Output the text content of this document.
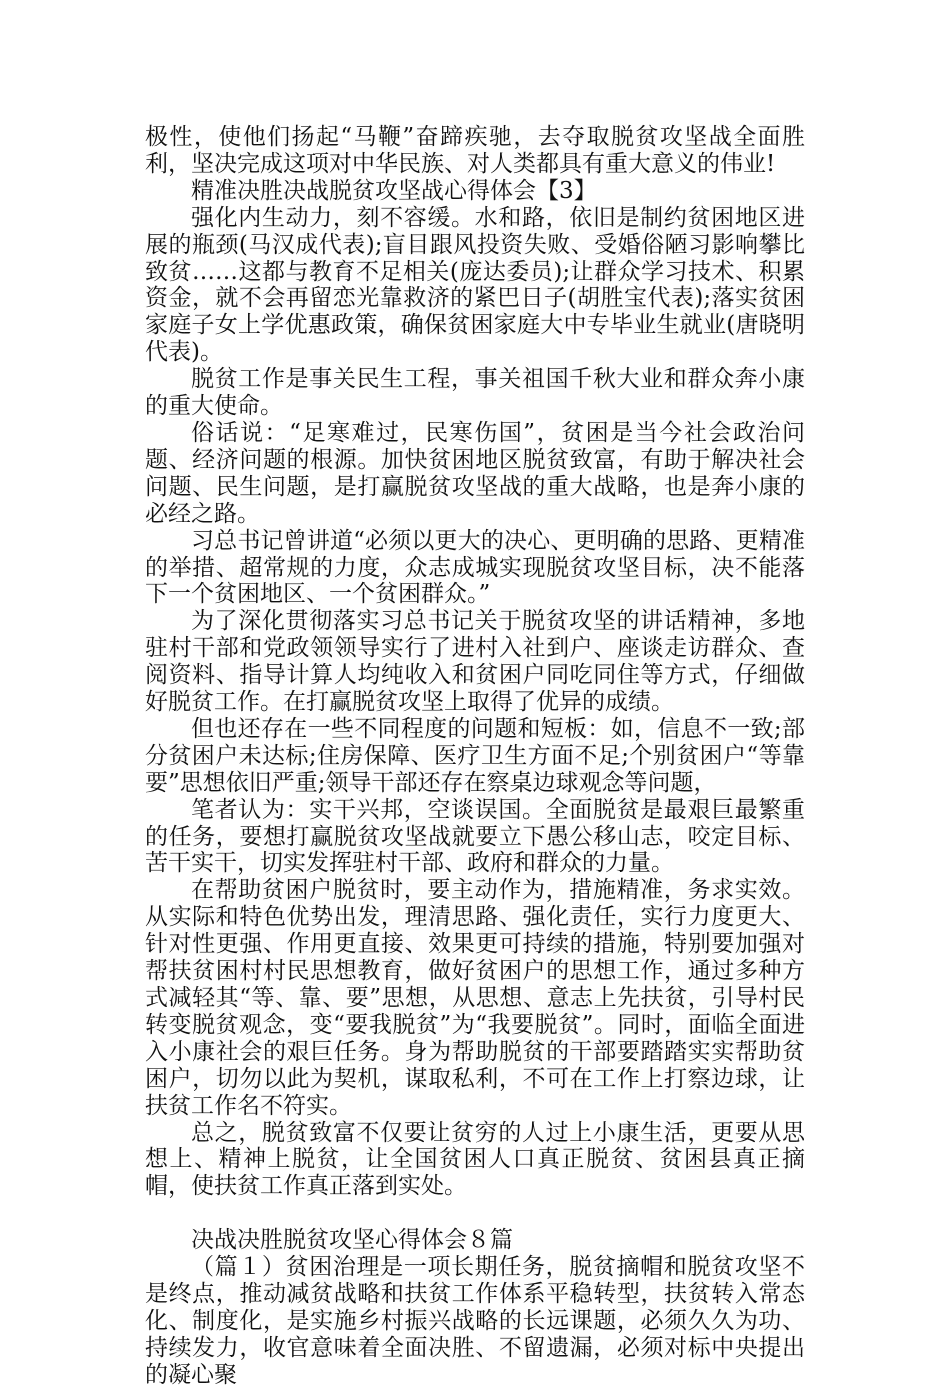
极性，使他们扬起“马鞭”奋蹄疾驰，去夺取脱贫攻坚战全面胜利，坚决完成这项对中华民族、对人类都具有重大意义的伟业!

精准决胜决战脱贫攻坚战心得体会【3】

强化内生动力，刻不容缓。水和路，依旧是制约贫困地区进展的瓶颈(马汉成代表);盲目跟风投资失败、受婚俗陋习影响攀比致贫……这都与教育不足相关(庞达委员);让群众学习技术、积累资金，就不会再留恋光靠救济的紧巴日子(胡胜宝代表);落实贫困家庭子女上学优惠政策，确保贫困家庭大中专毕业生就业(唐晓明代表)。

脱贫工作是事关民生工程，事关祖国千秋大业和群众奔小康的重大使命。

俗话说：“足寒难过，民寒伤国”，贫困是当今社会政治问题、经济问题的根源。加快贫困地区脱贫致富，有助于解决社会问题、民生问题，是打赢脱贫攻坚战的重大战略，也是奔小康的必经之路。

习总书记曾讲道“必须以更大的决心、更明确的思路、更精准的举措、超常规的力度，众志成城实现脱贫攻坚目标，决不能落下一个贫困地区、一个贫困群众。”

为了深化贯彻落实习总书记关于脱贫攻坚的讲话精神，多地驻村干部和党政领领导实行了进村入社到户、座谈走访群众、查阅资料、指导计算人均纯收入和贫困户同吃同住等方式，仔细做好脱贫工作。在打赢脱贫攻坚上取得了优异的成绩。

但也还存在一些不同程度的问题和短板：如，信息不一致;部分贫困户未达标;住房保障、医疗卫生方面不足;个别贫困户“等靠要”思想依旧严重;领导干部还存在察桌边球观念等问题，

笔者认为：实干兴邦，空谈误国。全面脱贫是最艰巨最繁重的任务，要想打赢脱贫攻坚战就要立下愚公移山志，咬定目标、苦干实干，切实发挥驻村干部、政府和群众的力量。

在帮助贫困户脱贫时，要主动作为，措施精准，务求实效。从实际和特色优势出发，理清思路、强化责任，实行力度更大、针对性更强、作用更直接、效果更可持续的措施，特别要加强对帮扶贫困村村民思想教育，做好贫困户的思想工作，通过多种方式减轻其“等、靠、要”思想，从思想、意志上先扶贫，引导村民转变脱贫观念，变“要我脱贫”为“我要脱贫”。同时，面临全面进入小康社会的艰巨任务。身为帮助脱贫的干部要踏踏实实帮助贫困户，切勿以此为契机，谋取私利，不可在工作上打察边球，让扶贫工作名不符实。

总之，脱贫致富不仅要让贫穷的人过上小康生活，更要从思想上、精神上脱贫，让全国贫困人口真正脱贫、贫困县真正摘帽，使扶贫工作真正落到实处。

决战决胜脱贫攻坚心得体会８篇

（篇１）贫困治理是一项长期任务，脱贫摘帽和脱贫攻坚不是终点，推动减贫战略和扶贫工作体系平稳转型，扶贫转入常态化、制度化，是实施乡村振兴战略的长远课题，必须久久为功、持续发力，收官意味着全面决胜、不留遗漏，必须对标中央提出的凝心聚
